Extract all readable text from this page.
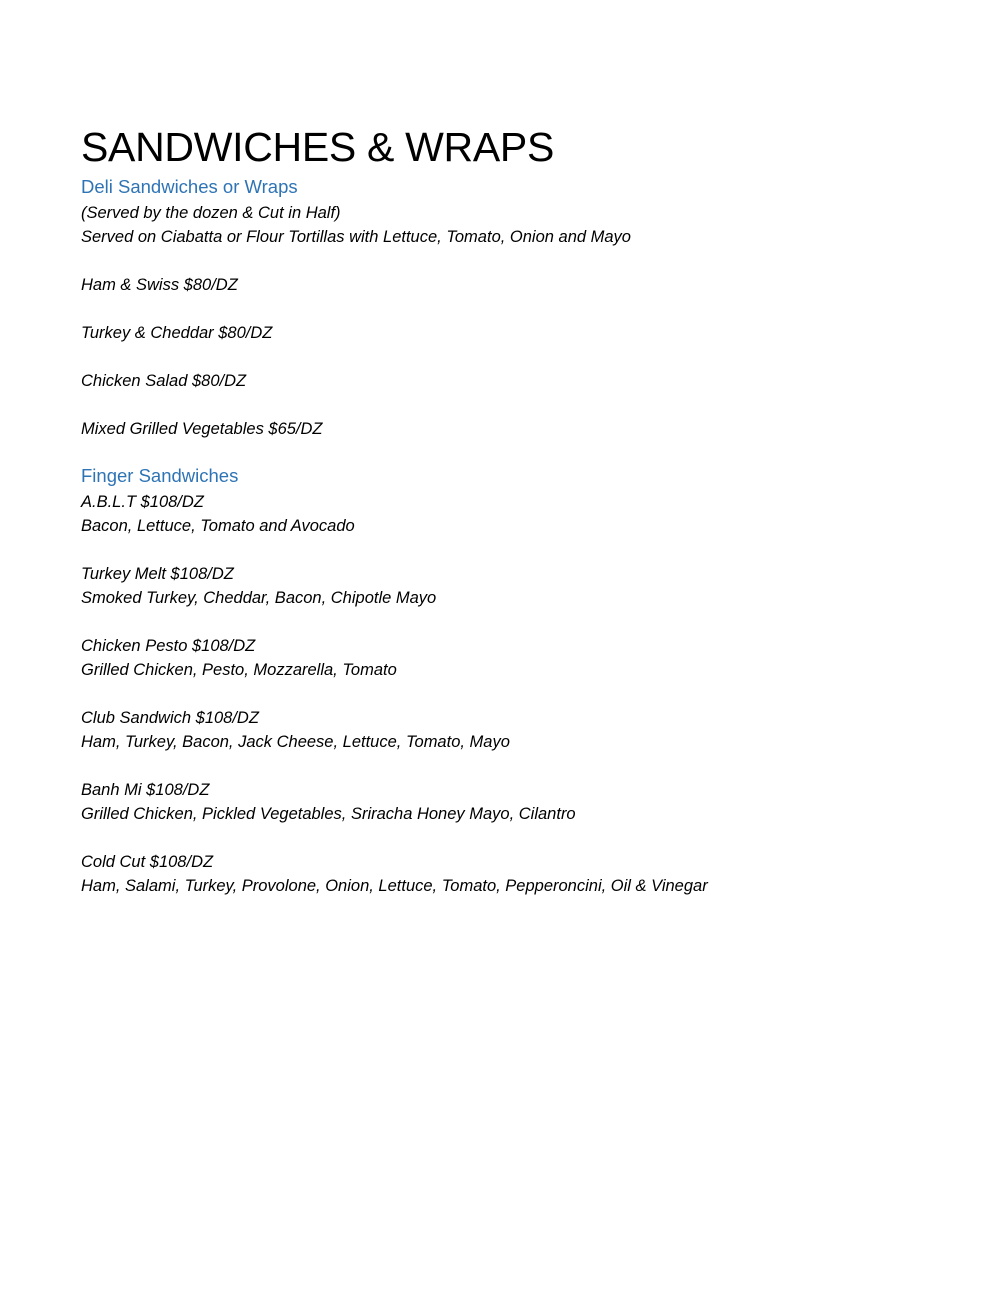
SANDWICHES & WRAPS
Deli Sandwiches or Wraps

(Served by the dozen & Cut in Half)

Served on Ciabatta or Flour Tortillas with Lettuce, Tomato, Onion and Mayo

Ham & Swiss $80/DZ

Turkey & Cheddar $80/DZ

Chicken Salad $80/DZ

Mixed Grilled Vegetables $65/DZ

Finger Sandwiches

A.B.L.T $108/DZ

Bacon, Lettuce, Tomato and Avocado

Turkey Melt $108/DZ

Smoked Turkey, Cheddar, Bacon, Chipotle Mayo

Chicken Pesto $108/DZ

Grilled Chicken, Pesto, Mozzarella, Tomato

Club Sandwich $108/DZ

Ham, Turkey, Bacon, Jack Cheese, Lettuce, Tomato, Mayo

Banh Mi $108/DZ

Grilled Chicken, Pickled Vegetables, Sriracha Honey Mayo, Cilantro

Cold Cut $108/DZ

Ham, Salami, Turkey, Provolone, Onion, Lettuce, Tomato, Pepperoncini, Oil & Vinegar
